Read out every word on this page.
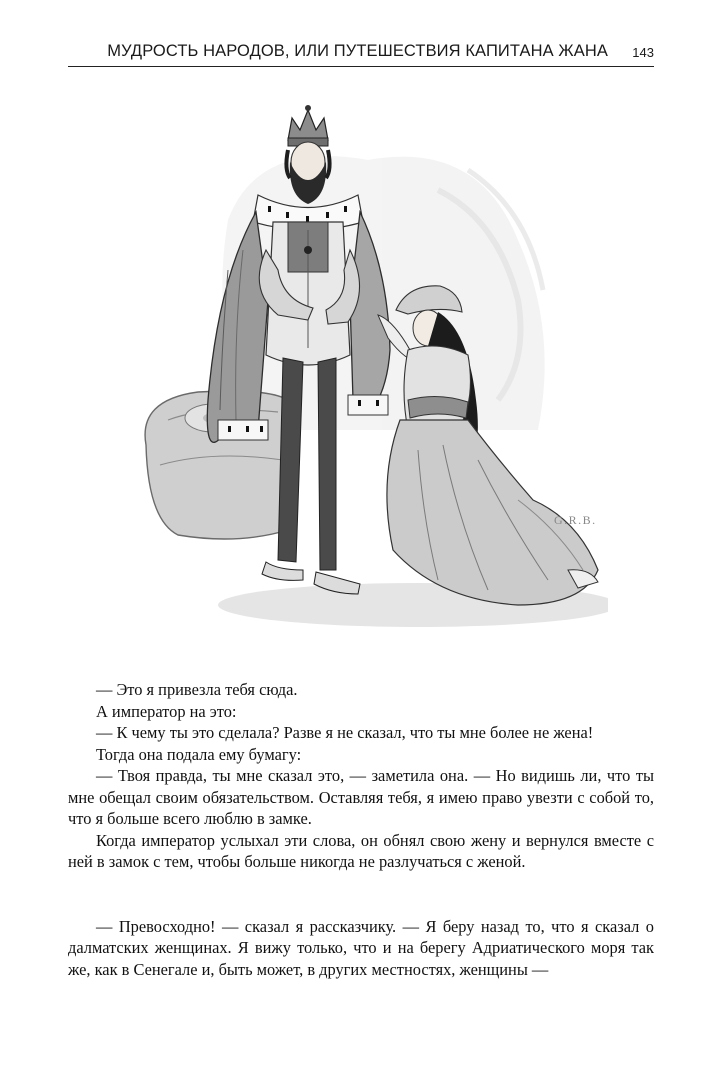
МУДРОСТЬ НАРОДОВ, ИЛИ ПУТЕШЕСТВИЯ КАПИТАНА ЖАНА 143
G.R.B.

— Это я привезла тебя сюда.

А император на это:

— К чему ты это сделала? Разве я не сказал, что ты мне более не жена!

Тогда она подала ему бумагу:

— Твоя правда, ты мне сказал это, — заметила она. — Но видишь ли, что ты мне обещал своим обязательством. Оставляя тебя, я имею право увезти с собой то, что я больше всего люблю в замке.

Когда император услыхал эти слова, он обнял свою жену и вернулся вместе с ней в замок с тем, чтобы больше никогда не разлучаться с женой.

— Превосходно! — сказал я рассказчику. — Я беру назад то, что я сказал о далматских женщинах. Я вижу только, что и на берегу Адриатического моря так же, как в Сенегале и, быть может, в других местностях, женщины —
